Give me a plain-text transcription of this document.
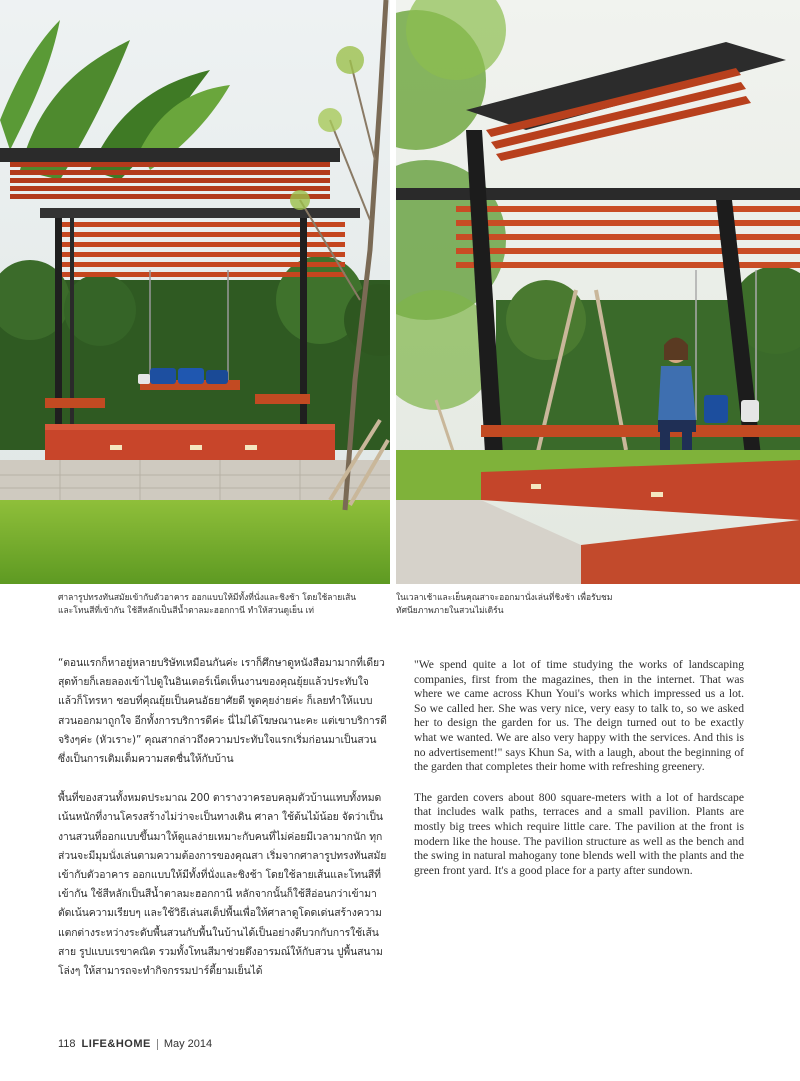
ศาลารูปทรงทันสมัยเข้ากับตัวอาคาร ออกแบบให้มีทั้งที่นั่งและชิงช้า โดยใช้ลายเส้นและโทนสีที่เข้ากัน ใช้สีหลักเป็นสีน้ำตาลมะฮอกกานี ทำให้สวนดูเย็น เท่
ในเวลาเช้าและเย็นคุณสาจะออกมานั่งเล่นที่ชิงช้า เพื่อรับชมทัศนียภาพภายในสวนไม่เดิร์น

“ตอนแรกก็หาอยู่หลายบริษัทเหมือนกันค่ะ เราก็ศึกษาดูหนังสือมามากที่เดียวสุดท้ายก็เลยลองเข้าไปดูในอินเตอร์เน็ตเห็นงานของคุณยุ้ยแล้วประทับใจ แล้วก็โทรหา ชอบที่คุณยุ้ยเป็นคนอัธยาศัยดี พูดคุยง่ายค่ะ ก็เลยทำให้แบบสวนออกมาถูกใจ อีกทั้งการบริการดีค่ะ นี่ไม่ได้โฆษณานะคะ แต่เขาบริการดีจริงๆค่ะ (หัวเราะ)” คุณสากล่าวถึงความประทับใจแรกเริ่มก่อนมาเป็นสวนซึ่งเป็นการเติมเต็มความสดชื่นให้กับบ้าน

พื้นที่ของสวนทั้งหมดประมาณ 200 ตารางวาครอบคลุมตัวบ้านแทบทั้งหมดเน้นหนักที่งานโครงสร้างไม่ว่าจะเป็นทางเดิน ศาลา ใช้ต้นไม้น้อย จัดว่าเป็นงานสวนที่ออกแบบขึ้นมาให้ดูแลง่ายเหมาะกับคนที่ไม่ค่อยมีเวลามากนัก ทุกส่วนจะมีมุมนั่งเล่นตามความต้องการของคุณสา เริ่มจากศาลารูปทรงทันสมัยเข้ากับตัวอาคาร ออกแบบให้มีทั้งที่นั่งและชิงช้า โดยใช้ลายเส้นและโทนสีที่เข้ากัน ใช้สีหลักเป็นสีน้ำตาลมะฮอกกานี หลักจากนั้นก็ใช้สีอ่อนกว่าเข้ามาตัดเน้นความเรียบๆ และใช้วิธีเล่นสเต็ปพื้นเพื่อให้ศาลาดูโดดเด่นสร้างความแตกต่างระหว่างระดับพื้นสวนกับพื้นในบ้านได้เป็นอย่างดีบวกกับการใช้เส้นสาย รูปแบบเรขาคณิต รวมทั้งโทนสีมาช่วยดึงอารมณ์ให้กับสวน ปูพื้นสนามโล่งๆ ให้สามารถจะทำกิจกรรมปาร์ตี้ยามเย็นได้

"We spend quite a lot of time studying the works of landscaping companies, first from the magazines, then in the internet. That was where we came across Khun Youi's works which impressed us a lot. So we called her. She was very nice, very easy to talk to, so we asked her to design the garden for us. The deign turned out to be exactly what we wanted. We are also very happy with the services. And this is no advertisement!" says Khun Sa, with a laugh, about the beginning of the garden that completes their home with refreshing greenery.

The garden covers about 800 square-meters with a lot of hardscape that includes walk paths, terraces and a small pavilion. Plants are mostly big trees which require little care. The pavilion at the front is modern like the house. The pavilion structure as well as the bench and the swing in natural mahogany tone blends well with the plants and the green front yard. It's a good place for a party after sundown.

118 LIFE&HOME May 2014
